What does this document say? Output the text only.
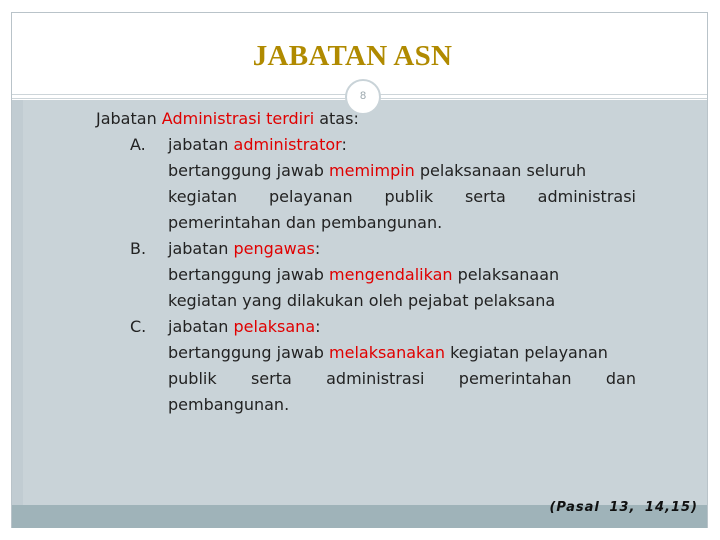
JABATAN ASN
8
Jabatan Administrasi terdiri atas:
A. jabatan administrator:
bertanggung jawab memimpin pelaksanaan seluruh
kegiatan pelayanan publik serta administrasi
pemerintahan dan pembangunan.
B. jabatan pengawas:
bertanggung jawab mengendalikan pelaksanaan
kegiatan yang dilakukan oleh pejabat pelaksana
C. jabatan pelaksana:
bertanggung jawab melaksanakan kegiatan pelayanan
publik serta administrasi pemerintahan dan
pembangunan.
(Pasal 13, 14,15)
